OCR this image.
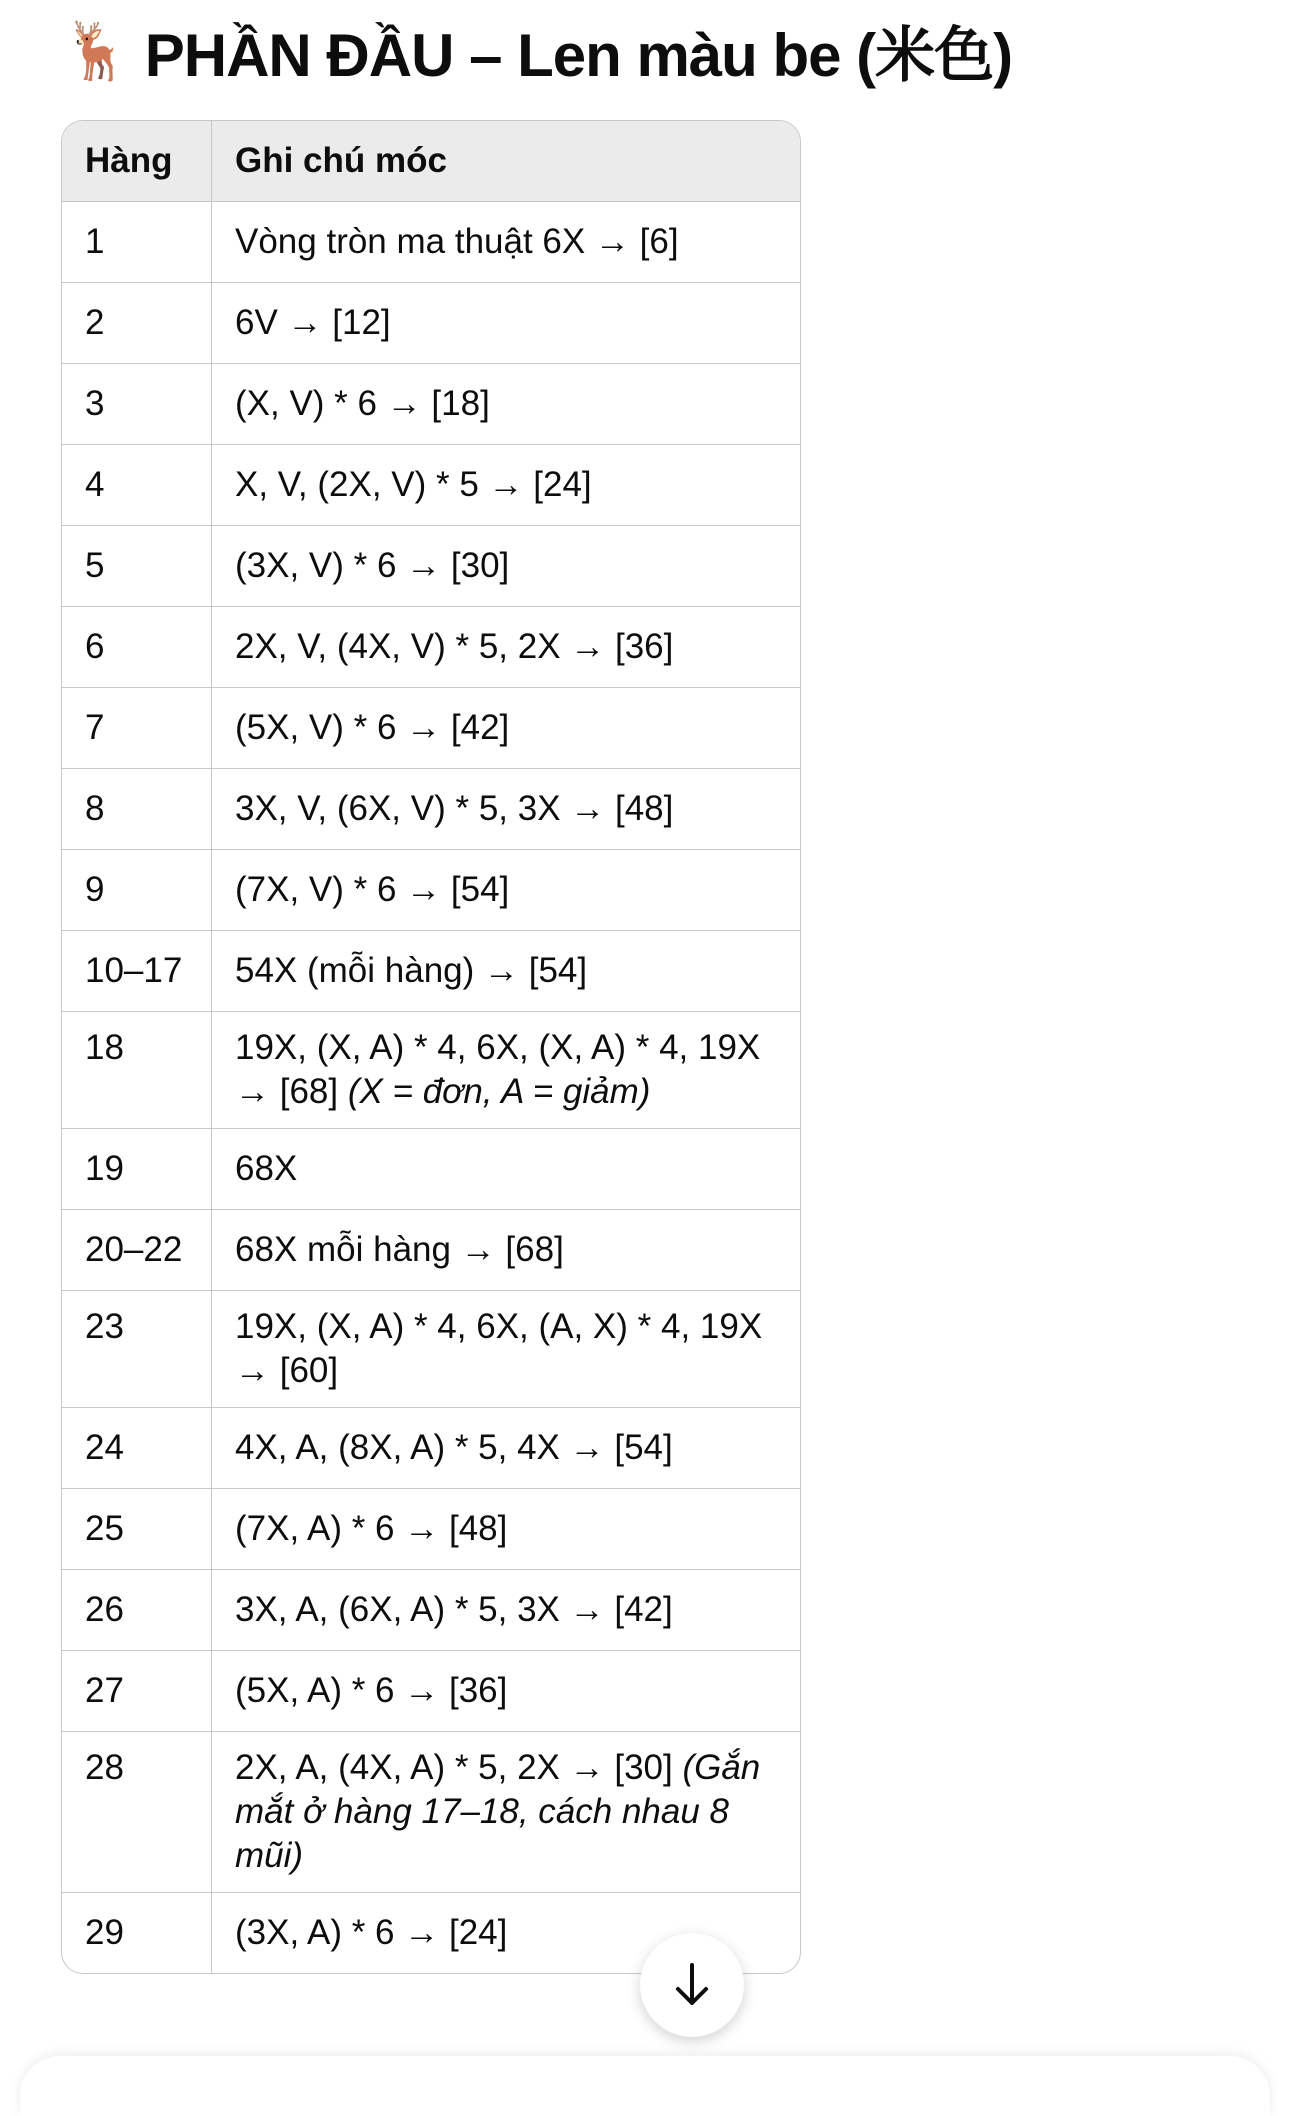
🦌 PHẦN ĐẦU – Len màu be (米色)
Hàng	Ghi chú móc
1	Vòng tròn ma thuật 6X → [6]
2	6V → [12]
3	(X, V) * 6 → [18]
4	X, V, (2X, V) * 5 → [24]
5	(3X, V) * 6 → [30]
6	2X, V, (4X, V) * 5, 2X → [36]
7	(5X, V) * 6 → [42]
8	3X, V, (6X, V) * 5, 3X → [48]
9	(7X, V) * 6 → [54]
10–17	54X (mỗi hàng) → [54]
18	19X, (X, A) * 4, 6X, (X, A) * 4, 19X → [68] (X = đơn, A = giảm)
19	68X
20–22	68X mỗi hàng → [68]
23	19X, (X, A) * 4, 6X, (A, X) * 4, 19X → [60]
24	4X, A, (8X, A) * 5, 4X → [54]
25	(7X, A) * 6 → [48]
26	3X, A, (6X, A) * 5, 3X → [42]
27	(5X, A) * 6 → [36]
28	2X, A, (4X, A) * 5, 2X → [30] (Gắn mắt ở hàng 17–18, cách nhau 8 mũi)
29	(3X, A) * 6 → [24]
